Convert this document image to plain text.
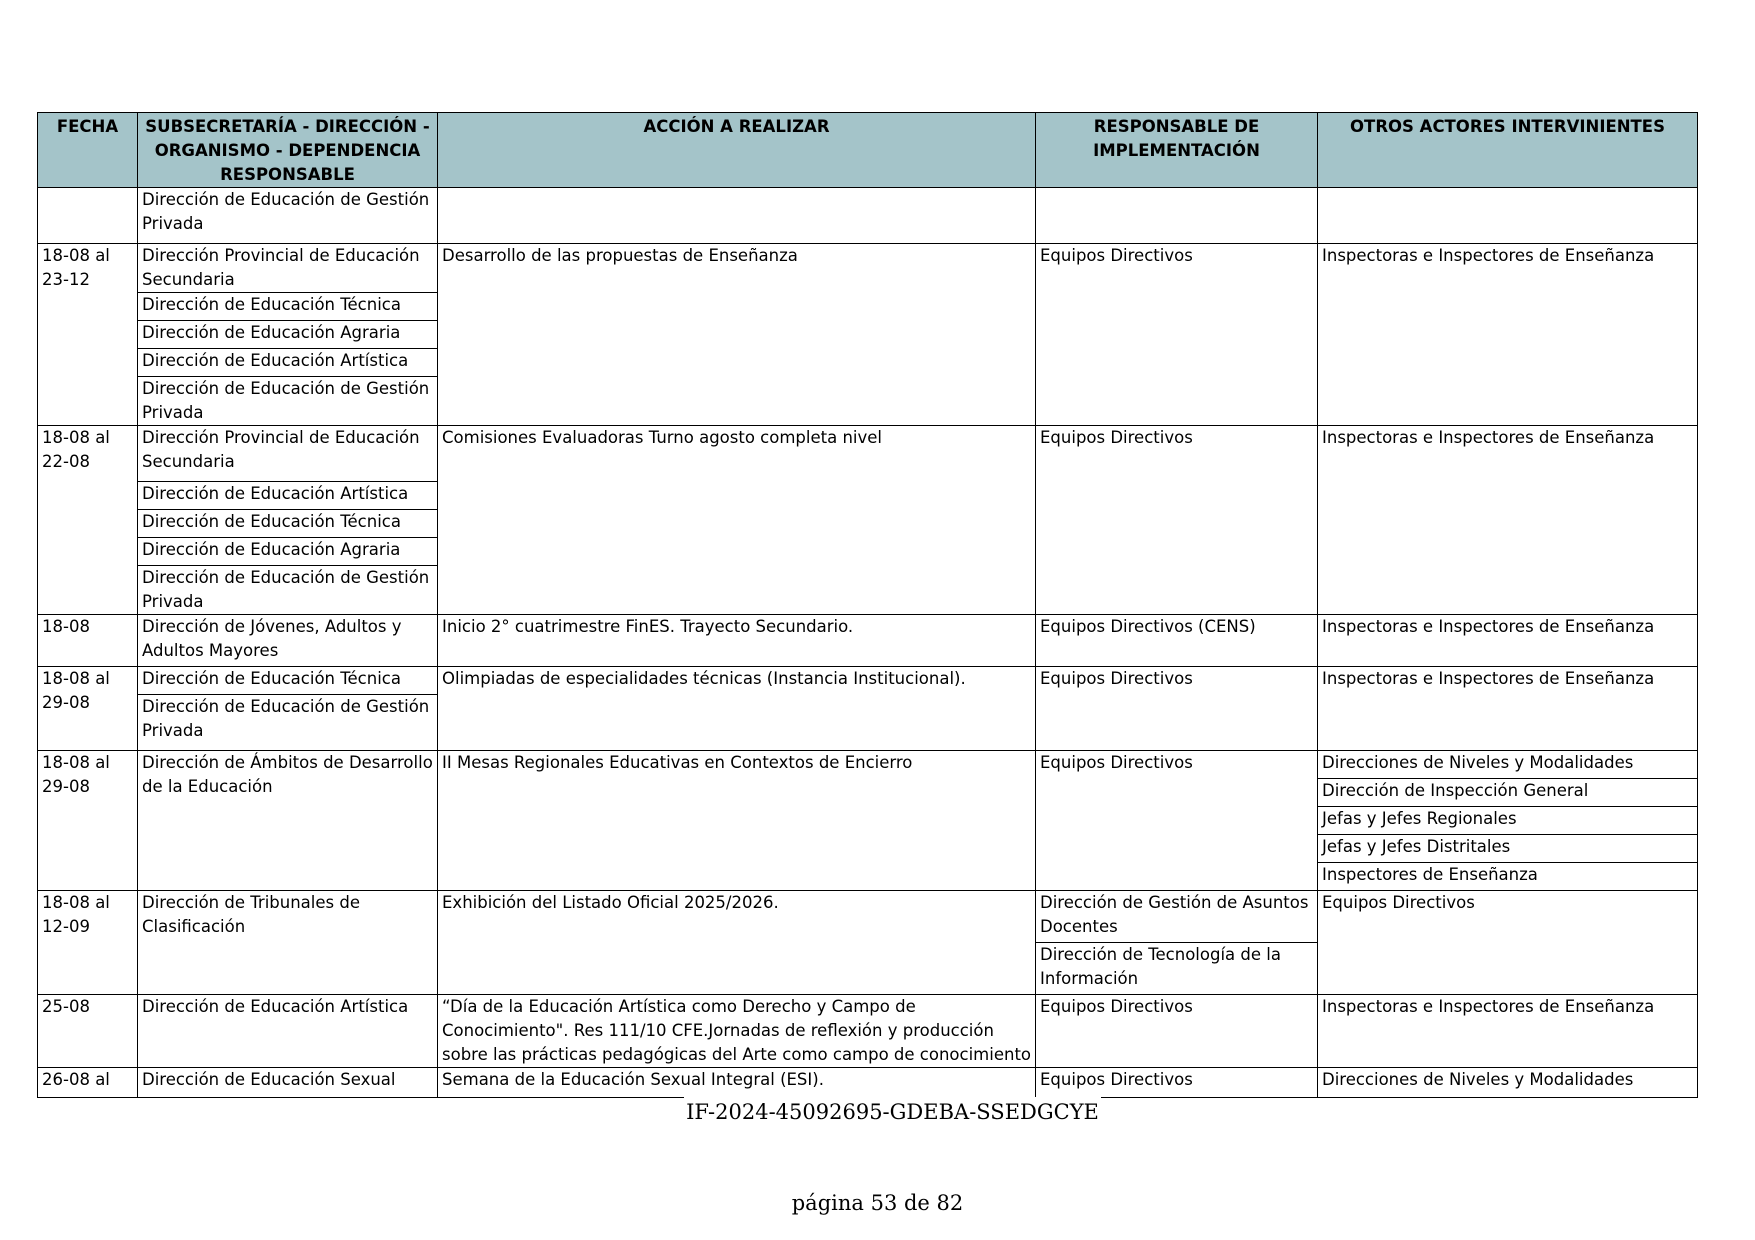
FECHA	SUBSECRETARÍA - DIRECCIÓN - ORGANISMO - DEPENDENCIA RESPONSABLE	ACCIÓN A REALIZAR	RESPONSABLE DE IMPLEMENTACIÓN	OTROS ACTORES INTERVINIENTES
	Dirección de Educación de Gestión Privada			
18-08 al 23-12	Dirección Provincial de Educación Secundaria	Desarrollo de las propuestas de Enseñanza	Equipos Directivos	Inspectoras e Inspectores de Enseñanza
	Dirección de Educación Técnica			
	Dirección de Educación Agraria			
	Dirección de Educación Artística			
	Dirección de Educación de Gestión Privada			
18-08 al 22-08	Dirección Provincial de Educación Secundaria	Comisiones Evaluadoras Turno agosto completa nivel	Equipos Directivos	Inspectoras e Inspectores de Enseñanza
	Dirección de Educación Artística			
	Dirección de Educación Técnica			
	Dirección de Educación Agraria			
	Dirección de Educación de Gestión Privada			
18-08	Dirección de Jóvenes, Adultos y Adultos Mayores	Inicio 2° cuatrimestre FinES. Trayecto Secundario.	Equipos Directivos (CENS)	Inspectoras e Inspectores de Enseñanza
18-08 al 29-08	Dirección de Educación Técnica	Olimpiadas de especialidades técnicas (Instancia Institucional).	Equipos Directivos	Inspectoras e Inspectores de Enseñanza
	Dirección de Educación de Gestión Privada			
18-08 al 29-08	Dirección de Ámbitos de Desarrollo de la Educación	II Mesas Regionales Educativas en Contextos de Encierro	Equipos Directivos	Direcciones de Niveles y Modalidades
				Dirección de Inspección General
				Jefas y Jefes Regionales
				Jefas y Jefes Distritales
				Inspectores de Enseñanza
18-08 al 12-09	Dirección de Tribunales de Clasificación	Exhibición del Listado Oficial 2025/2026.	Dirección de Gestión de Asuntos Docentes	Equipos Directivos
			Dirección de Tecnología de la Información	
25-08	Dirección de Educación Artística	“Día de la Educación Artística como Derecho y Campo de Conocimiento". Res 111/10 CFE.Jornadas de reflexión y producción sobre las prácticas pedagógicas del Arte como campo de conocimiento	Equipos Directivos	Inspectoras e Inspectores de Enseñanza
26-08 al	Dirección de Educación Sexual	Semana de la Educación Sexual Integral (ESI).	Equipos Directivos	Direcciones de Niveles y Modalidades
IF-2024-45092695-GDEBA-SSEDGCYE
página 53 de 82
